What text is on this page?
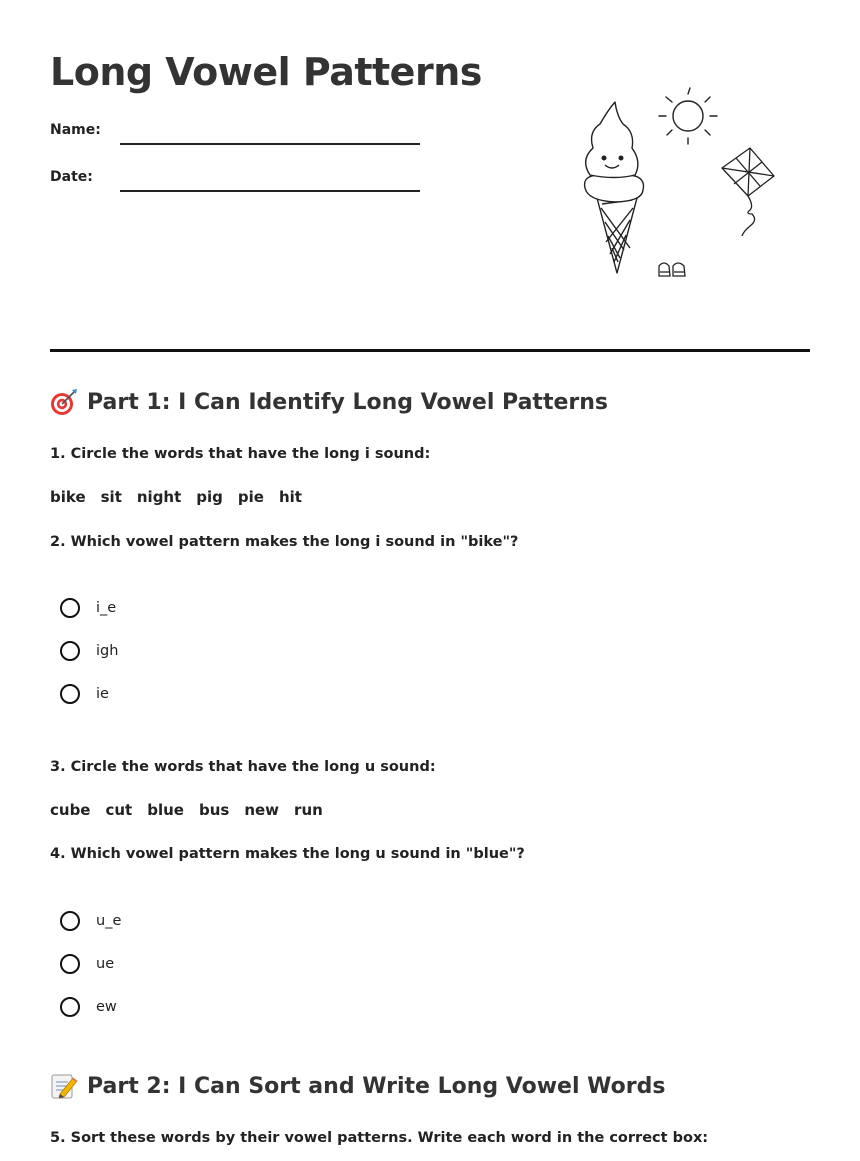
Long Vowel Patterns
Name:
Date:
Part 1: I Can Identify Long Vowel Patterns
1. Circle the words that have the long i sound:
bike sit night pig pie hit
2. Which vowel pattern makes the long i sound in "bike"?
i_e
igh
ie
3. Circle the words that have the long u sound:
cube cut blue bus new run
4. Which vowel pattern makes the long u sound in "blue"?
u_e
ue
ew
Part 2: I Can Sort and Write Long Vowel Words
5. Sort these words by their vowel patterns. Write each word in the correct box:
